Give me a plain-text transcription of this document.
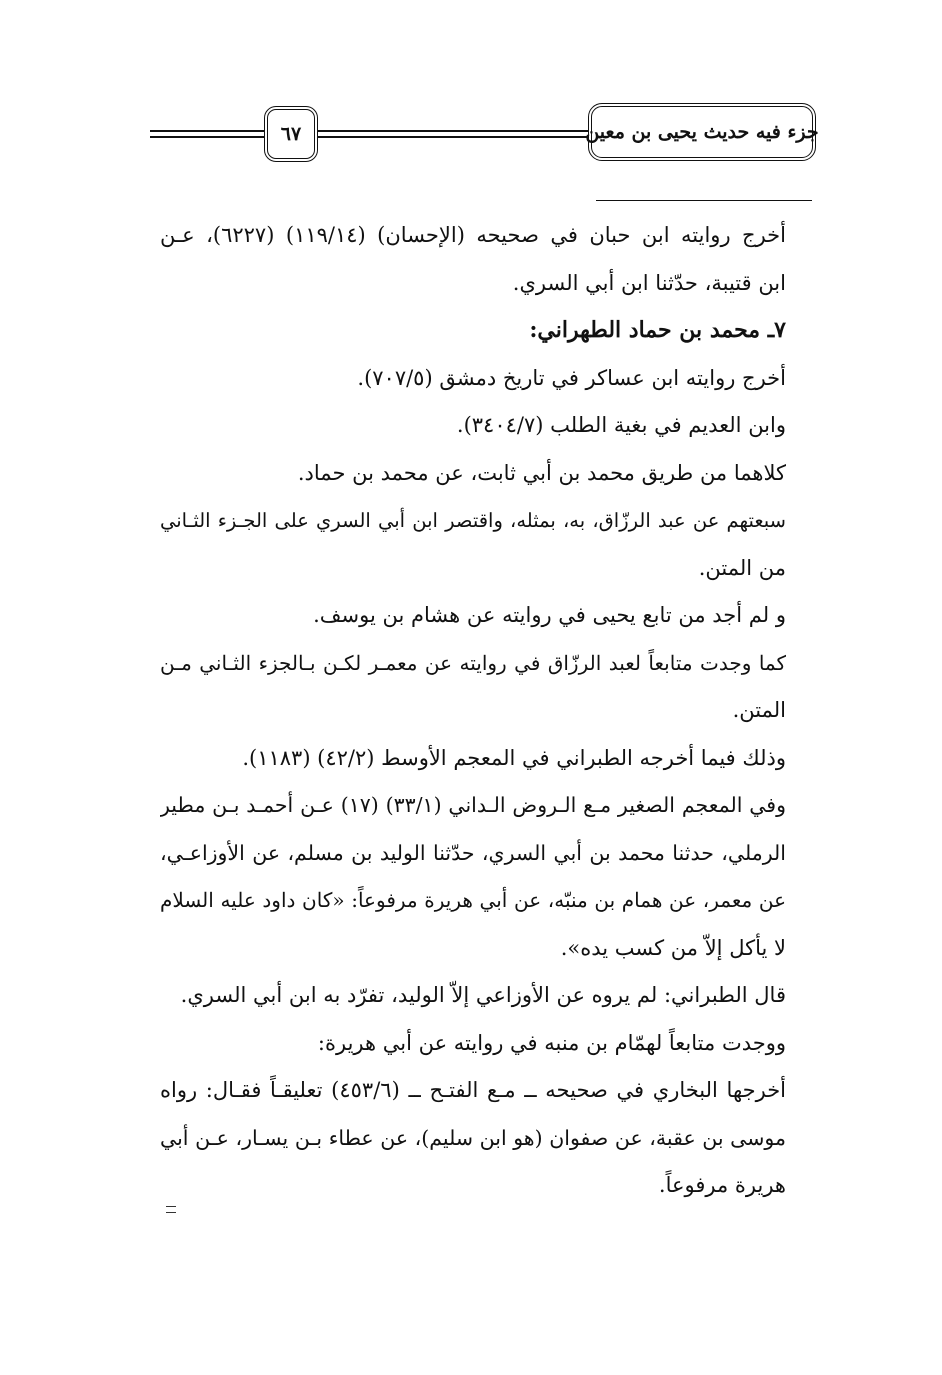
٦٧	جزء فيه حديث يحيى بن معين
أخرج روايته ابن حبان في صحيحه (الإحسان) (١١٩/١٤) (٦٢٢٧)، عـن
ابن قتيبة، حدّثنا ابن أبي السري.
٧ـ محمد بن حماد الطهراني:
أخرج روايته ابن عساكر في تاريخ دمشق (٧٠٧/٥).
وابن العديم في بغية الطلب (٣٤٠٤/٧).
كلاهما من طريق محمد بن أبي ثابت، عن محمد بن حماد.
سبعتهم عن عبد الرزّاق، به، بمثله، واقتصر ابن أبي السري على الجـزء الثـاني
من المتن.
و لم أجد من تابع يحيى في روايته عن هشام بن يوسف.
كما وجدت متابعاً لعبد الرزّاق في روايته عن معمـر لكـن بـالجزء الثـاني مـن
المتن.
وذلك فيما أخرجه الطبراني في المعجم الأوسط (٤٢/٢) (١١٨٣).
وفي المعجم الصغير مـع الـروض الـداني (٣٣/١) (١٧) عـن أحمـد بـن مطير
الرملي، حدثنا محمد بن أبي السري، حدّثنا الوليد بن مسلم، عن الأوزاعـي،
عن معمر، عن همام بن منبّه، عن أبي هريرة مرفوعاً: «كان داود عليه السلام
لا يأكل إلاّ من كسب يده».
قال الطبراني: لم يروه عن الأوزاعي إلاّ الوليد، تفرّد به ابن أبي السري.
ووجدت متابعاً لهمّام بن منبه في روايته عن أبي هريرة:
أخرجها البخاري في صحيحه ــ مـع الفتـح ــ (٤٥٣/٦) تعليقـاً فقـال: رواه
موسى بن عقبة، عن صفوان (هو ابن سليم)، عن عطاء بـن يسـار، عـن أبي
هريرة مرفوعاً.
